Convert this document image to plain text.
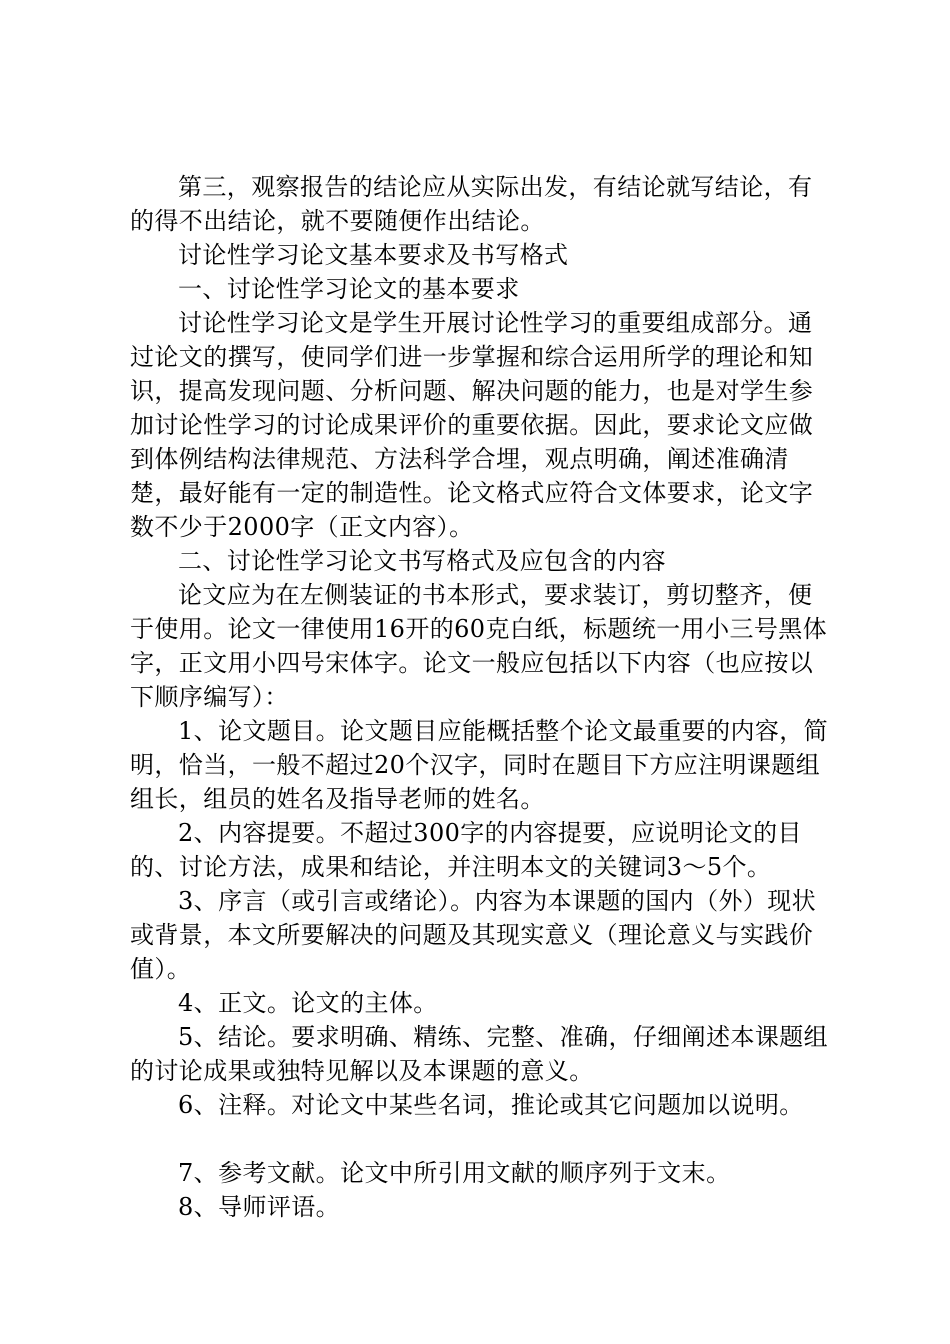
第三，观察报告的结论应从实际出发，有结论就写结论，有的得不出结论，就不要随便作出结论。

讨论性学习论文基本要求及书写格式

一、讨论性学习论文的基本要求

讨论性学习论文是学生开展讨论性学习的重要组成部分。通过论文的撰写，使同学们进一步掌握和综合运用所学的理论和知识，提高发现问题、分析问题、解决问题的能力，也是对学生参加讨论性学习的讨论成果评价的重要依据。因此，要求论文应做到体例结构法律规范、方法科学合埋，观点明确，阐述准确清楚，最好能有一定的制造性。论文格式应符合文体要求，论文字数不少于2000字（正文内容）。

二、讨论性学习论文书写格式及应包含的内容

论文应为在左侧装证的书本形式，要求装订，剪切整齐，便于使用。论文一律使用16开的60克白纸，标题统一用小三号黑体字，正文用小四号宋体字。论文一般应包括以下内容（也应按以下顺序编写）：

1、论文题目。论文题目应能概括整个论文最重要的内容，简明，恰当，一般不超过20个汉字，同时在题目下方应注明课题组组长，组员的姓名及指导老师的姓名。

2、内容提要。不超过300字的内容提要，应说明论文的目的、讨论方法，成果和结论，并注明本文的关键词3～5个。

3、序言（或引言或绪论）。内容为本课题的国内（外）现状或背景，本文所要解决的问题及其现实意义（理论意义与实践价值）。

4、正文。论文的主体。

5、结论。要求明确、精练、完整、准确，仔细阐述本课题组的讨论成果或独特见解以及本课题的意义。

6、注释。对论文中某些名词，推论或其它问题加以说明。

7、参考文献。论文中所引用文献的顺序列于文末。

8、导师评语。
